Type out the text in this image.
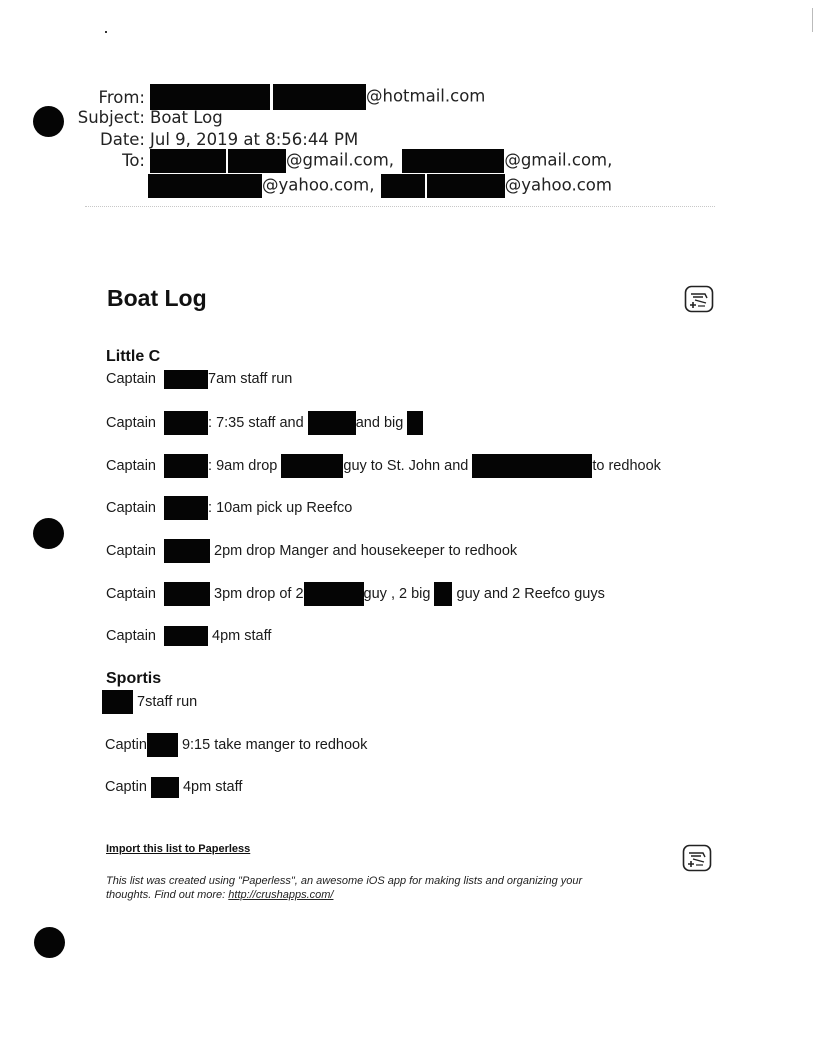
From:	@hotmail.com
Subject: Boat Log
Date: Jul 9, 2019 at 8:56:44 PM
To:	@gmail.com,	@gmail.com,
@yahoo.com,	@yahoo.com
Boat Log
Little C
Captain	7am staff run
Captain	: 7:35 staff and	and big
Captain	: 9am drop	guy to St. John and	to redhook
Captain	: 10am pick up Reefco
Captain	2pm drop Manger and housekeeper to redhook
Captain	3pm drop of 2	guy , 2 big guy and 2 Reefco guys
Captain	4pm staff
Sportis
7staff run
Captin 9:15 take manger to redhook
Captin 4pm staff
Import this list to Paperless
This list was created using "Paperless", an awesome iOS app for making lists and organizing your
thoughts. Find out more: http://crushapps.com/
